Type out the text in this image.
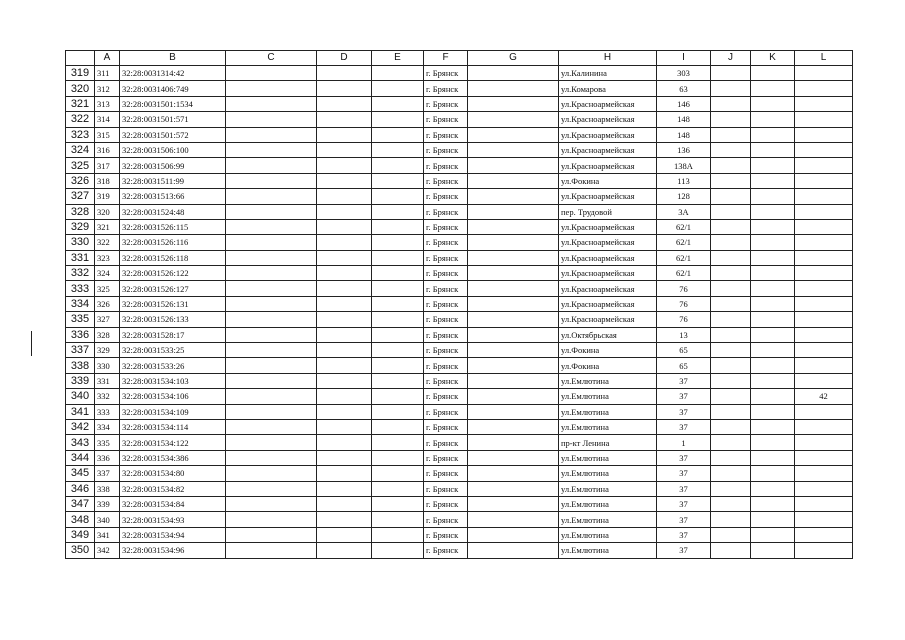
	A	B	C	D	E	F	G	H	I	J	K	L
319	311	32:28:0031314:42				г. Брянск		ул.Калинина	303			
320	312	32:28:0031406:749				г. Брянск		ул.Комарова	63			
321	313	32:28:0031501:1534				г. Брянск		ул.Красноармейская	146			
322	314	32:28:0031501:571				г. Брянск		ул.Красноармейская	148			
323	315	32:28:0031501:572				г. Брянск		ул.Красноармейская	148			
324	316	32:28:0031506:100				г. Брянск		ул.Красноармейская	136			
325	317	32:28:0031506:99				г. Брянск		ул.Красноармейская	138А			
326	318	32:28:0031511:99				г. Брянск		ул.Фокина	113			
327	319	32:28:0031513:66				г. Брянск		ул.Красноармейская	128			
328	320	32:28:0031524:48				г. Брянск		пер. Трудовой	3А			
329	321	32:28:0031526:115				г. Брянск		ул.Красноармейская	62/1			
330	322	32:28:0031526:116				г. Брянск		ул.Красноармейская	62/1			
331	323	32:28:0031526:118				г. Брянск		ул.Красноармейская	62/1			
332	324	32:28:0031526:122				г. Брянск		ул.Красноармейская	62/1			
333	325	32:28:0031526:127				г. Брянск		ул.Красноармейская	76			
334	326	32:28:0031526:131				г. Брянск		ул.Красноармейская	76			
335	327	32:28:0031526:133				г. Брянск		ул.Красноармейская	76			
336	328	32:28:0031528:17				г. Брянск		ул.Октябрьская	13			
337	329	32:28:0031533:25				г. Брянск		ул.Фокина	65			
338	330	32:28:0031533:26				г. Брянск		ул.Фокина	65			
339	331	32:28:0031534:103				г. Брянск		ул.Емлютина	37			
340	332	32:28:0031534:106				г. Брянск		ул.Емлютина	37			42
341	333	32:28:0031534:109				г. Брянск		ул.Емлютина	37			
342	334	32:28:0031534:114				г. Брянск		ул.Емлютина	37			
343	335	32:28:0031534:122				г. Брянск		пр-кт Ленина	1			
344	336	32:28:0031534:386				г. Брянск		ул.Емлютина	37			
345	337	32:28:0031534:80				г. Брянск		ул.Емлютина	37			
346	338	32:28:0031534:82				г. Брянск		ул.Емлютина	37			
347	339	32:28:0031534:84				г. Брянск		ул.Емлютина	37			
348	340	32:28:0031534:93				г. Брянск		ул.Емлютина	37			
349	341	32:28:0031534:94				г. Брянск		ул.Емлютина	37			
350	342	32:28:0031534:96				г. Брянск		ул.Емлютина	37			
